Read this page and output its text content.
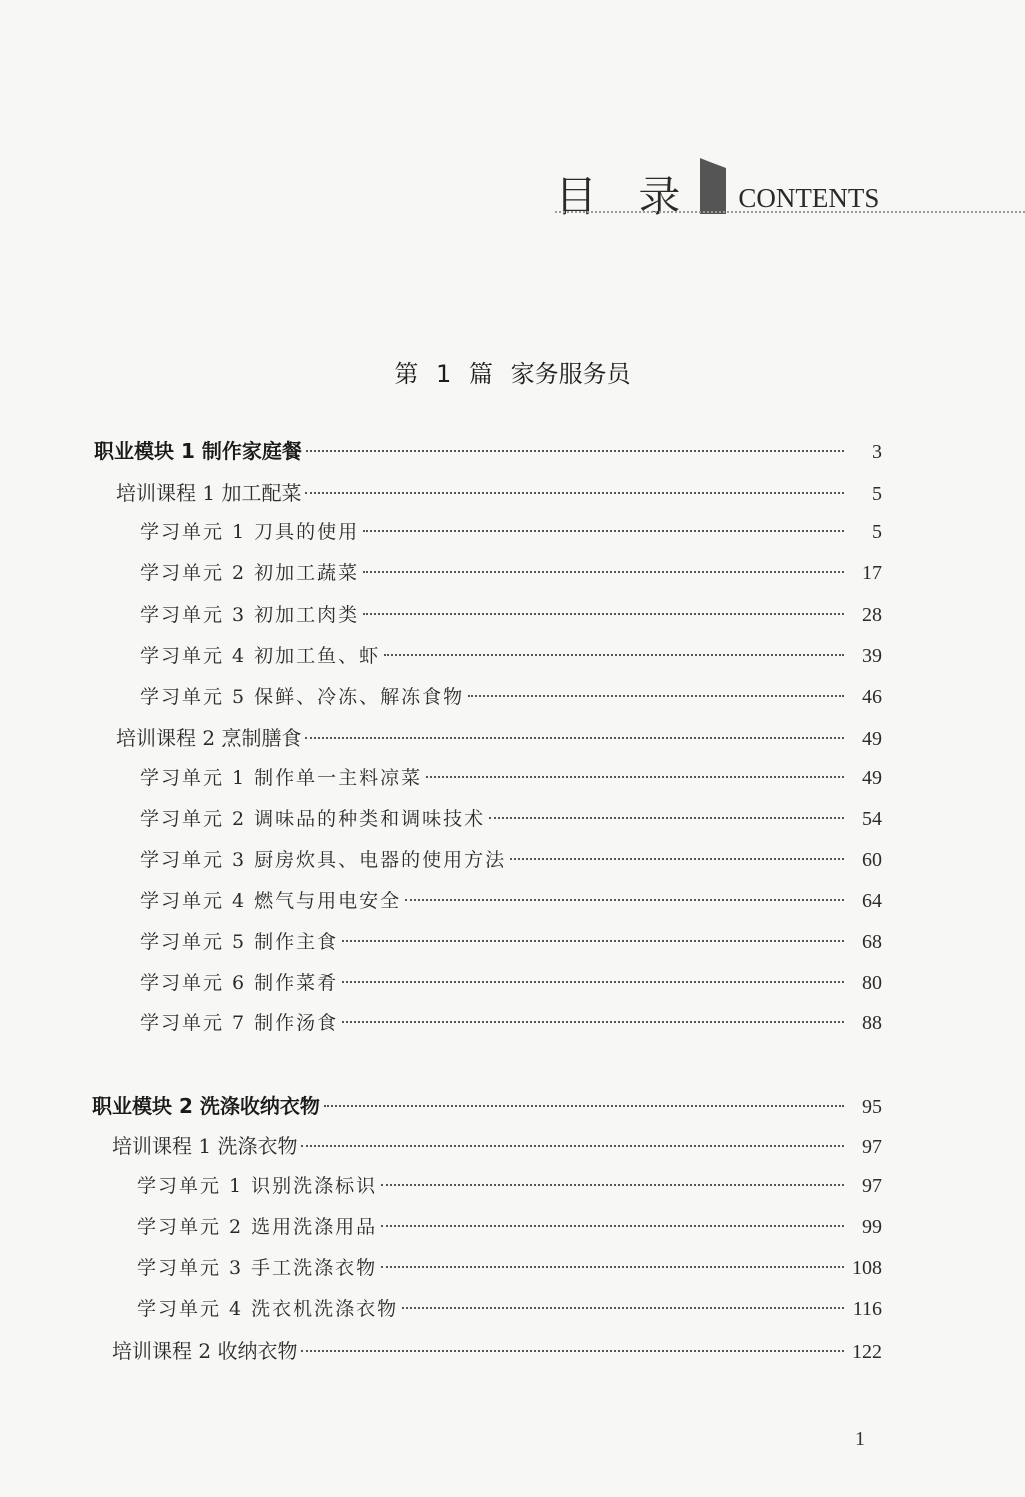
目 录 CONTENTS
第 1 篇 家务服务员
职业模块 1 制作家庭餐	3
培训课程 1 加工配菜	5
学习单元 1 刀具的使用	5
学习单元 2 初加工蔬菜	17
学习单元 3 初加工肉类	28
学习单元 4 初加工鱼、虾	39
学习单元 5 保鲜、冷冻、解冻食物	46
培训课程 2 烹制膳食	49
学习单元 1 制作单一主料凉菜	49
学习单元 2 调味品的种类和调味技术	54
学习单元 3 厨房炊具、电器的使用方法	60
学习单元 4 燃气与用电安全	64
学习单元 5 制作主食	68
学习单元 6 制作菜肴	80
学习单元 7 制作汤食	88
职业模块 2 洗涤收纳衣物	95
培训课程 1 洗涤衣物	97
学习单元 1 识别洗涤标识	97
学习单元 2 选用洗涤用品	99
学习单元 3 手工洗涤衣物	108
学习单元 4 洗衣机洗涤衣物	116
培训课程 2 收纳衣物	122
1
